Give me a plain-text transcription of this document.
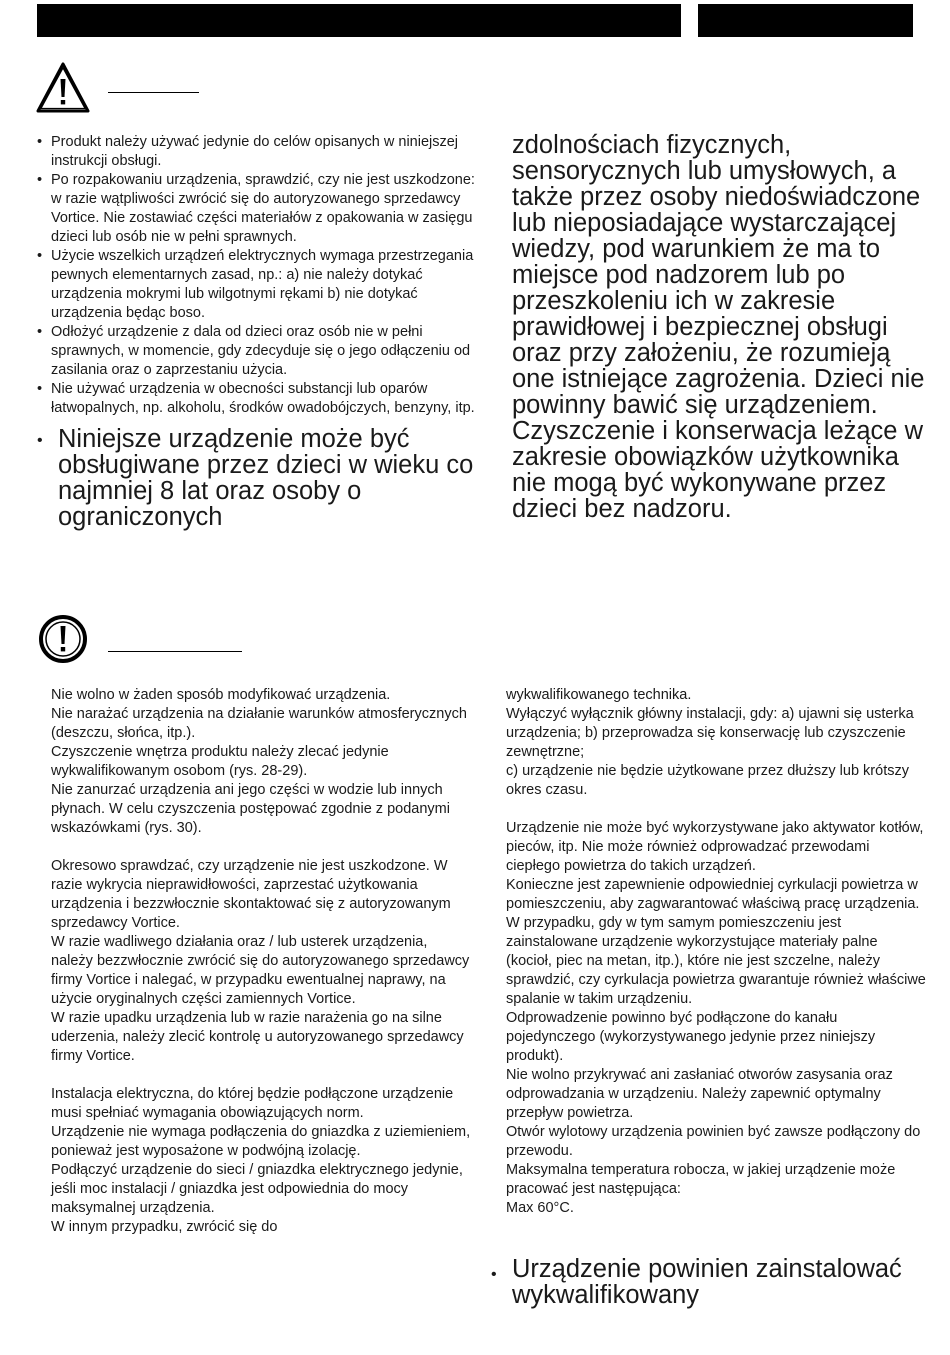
• Produkt należy używać jedynie do celów opisanych w niniejszej instrukcji obsługi.
• Po rozpakowaniu urządzenia, sprawdzić, czy nie jest uszkodzone: w razie wątpliwości zwrócić się do autoryzowanego sprzedawcy Vortice. Nie zostawiać części materiałów z opakowania w zasięgu dzieci lub osób nie w pełni sprawnych.
• Użycie wszelkich urządzeń elektrycznych wymaga przestrzegania pewnych elementarnych zasad, np.: a) nie należy dotykać urządzenia mokrymi lub wilgotnymi rękami b) nie dotykać urządzenia będąc boso.
• Odłożyć urządzenie z dala od dzieci oraz osób nie w pełni sprawnych, w momencie, gdy zdecyduje się o jego odłączeniu od zasilania oraz o zaprzestaniu użycia.
• Nie używać urządzenia w obecności substancji lub oparów łatwopalnych, np. alkoholu, środków owadobójczych, benzyny, itp.
• Niniejsze urządzenie może być obsługiwane przez dzieci w wieku co najmniej 8 lat oraz osoby o ograniczonych
zdolnościach fizycznych, sensorycznych lub umysłowych, a także przez osoby niedoświadczone lub nieposiadające wystarczającej wiedzy, pod warunkiem że ma to miejsce pod nadzorem lub po przeszkoleniu ich w zakresie prawidłowej i bezpiecznej obsługi oraz przy założeniu, że rozumieją one istniejące zagrożenia. Dzieci nie powinny bawić się urządzeniem. Czyszczenie i konserwacja leżące w zakresie obowiązków użytkownika nie mogą być wykonywane przez dzieci bez nadzoru.

Nie wolno w żaden sposób modyfikować urządzenia.
Nie narażać urządzenia na działanie warunków atmosferycznych (deszczu, słońca, itp.).
Czyszczenie wnętrza produktu należy zlecać jedynie wykwalifikowanym osobom (rys. 28-29).
Nie zanurzać urządzenia ani jego części w wodzie lub innych płynach. W celu czyszczenia postępować zgodnie z podanymi wskazówkami (rys. 30).

Okresowo sprawdzać, czy urządzenie nie jest uszkodzone. W razie wykrycia nieprawidłowości, zaprzestać użytkowania urządzenia i bezzwłocznie skontaktować się z autoryzowanym sprzedawcy Vortice.
W razie wadliwego działania oraz / lub usterek urządzenia, należy bezzwłocznie zwrócić się do autoryzowanego sprzedawcy firmy Vortice i nalegać, w przypadku ewentualnej naprawy, na użycie oryginalnych części zamiennych Vortice.
W razie upadku urządzenia lub w razie narażenia go na silne uderzenia, należy zlecić kontrolę u autoryzowanego sprzedawcy firmy Vortice.

Instalacja elektryczna, do której będzie podłączone urządzenie musi spełniać wymagania obowiązujących norm.
Urządzenie nie wymaga podłączenia do gniazdka z uziemieniem, ponieważ jest wyposażone w podwójną izolację.
Podłączyć urządzenie do sieci / gniazdka elektrycznego jedynie, jeśli moc instalacji / gniazdka jest odpowiednia do mocy maksymalnej urządzenia.
W innym przypadku, zwrócić się do

wykwalifikowanego technika.
Wyłączyć wyłącznik główny instalacji, gdy: a) ujawni się usterka urządzenia; b) przeprowadza się konserwację lub czyszczenie zewnętrzne;
c) urządzenie nie będzie użytkowane przez dłuższy lub krótszy okres czasu.

Urządzenie nie może być wykorzystywane jako aktywator kotłów, pieców, itp. Nie może również odprowadzać przewodami ciepłego powietrza do takich urządzeń.
Konieczne jest zapewnienie odpowiedniej cyrkulacji powietrza w pomieszczeniu, aby zagwarantować właściwą pracę urządzenia. W przypadku, gdy w tym samym pomieszczeniu jest zainstalowane urządzenie wykorzystujące materiały palne (kocioł, piec na metan, itp.), które nie jest szczelne, należy sprawdzić, czy cyrkulacja powietrza gwarantuje również właściwe spalanie w takim urządzeniu.
Odprowadzenie powinno być podłączone do kanału pojedynczego (wykorzystywanego jedynie przez niniejszy produkt).
Nie wolno przykrywać ani zasłaniać otworów zasysania oraz odprowadzania w urządzeniu. Należy zapewnić optymalny przepływ powietrza.
Otwór wylotowy urządzenia powinien być zawsze podłączony do przewodu.
Maksymalna temperatura robocza, w jakiej urządzenie może pracować jest następująca:
Max 60°C.

• Urządzenie powinien zainstalować wykwalifikowany
